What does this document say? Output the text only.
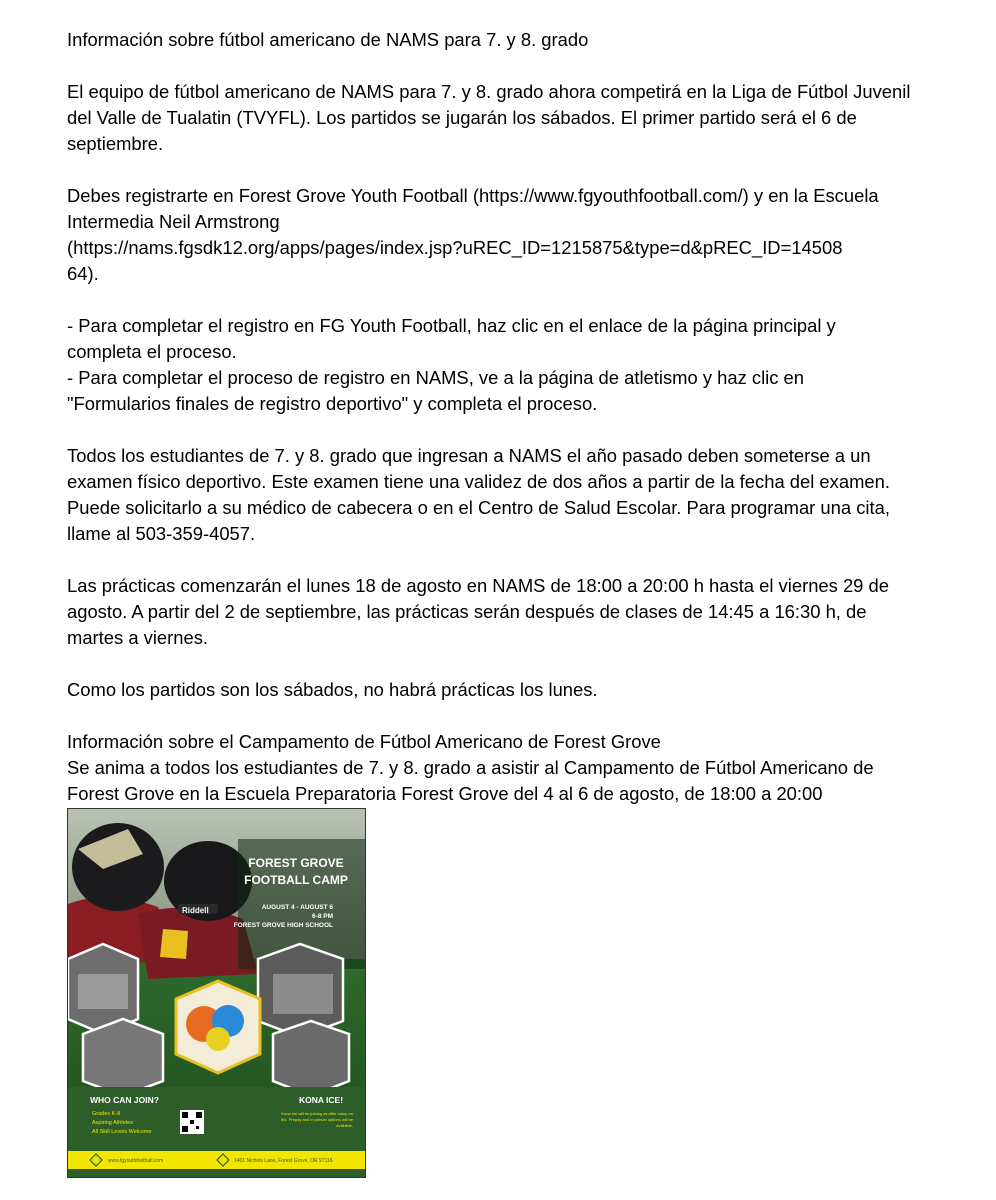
Información sobre fútbol americano de NAMS para 7. y 8. grado

El equipo de fútbol americano de NAMS para 7. y 8. grado ahora competirá en la Liga de Fútbol Juvenil del Valle de Tualatin (TVYFL). Los partidos se jugarán los sábados. El primer partido será el 6 de septiembre.

Debes registrarte en Forest Grove Youth Football (https://www.fgyouthfootball.com/) y en la Escuela Intermedia Neil Armstrong
(https://nams.fgsdk12.org/apps/pages/index.jsp?uREC_ID=1215875&type=d&pREC_ID=14508
64).

- Para completar el registro en FG Youth Football, haz clic en el enlace de la página principal y completa el proceso.

- Para completar el proceso de registro en NAMS, ve a la página de atletismo y haz clic en "Formularios finales de registro deportivo" y completa el proceso.

Todos los estudiantes de 7. y 8. grado que ingresan a NAMS el año pasado deben someterse a un examen físico deportivo. Este examen tiene una validez de dos años a partir de la fecha del examen. Puede solicitarlo a su médico de cabecera o en el Centro de Salud Escolar. Para programar una cita, llame al 503-359-4057.

Las prácticas comenzarán el lunes 18 de agosto en NAMS de 18:00 a 20:00 h hasta el viernes 29 de agosto. A partir del 2 de septiembre, las prácticas serán después de clases de 14:45 a 16:30 h, de martes a viernes.

Como los partidos son los sábados, no habrá prácticas los lunes.

Información sobre el Campamento de Fútbol Americano de Forest Grove

Se anima a todos los estudiantes de 7. y 8. grado a asistir al Campamento de Fútbol Americano de Forest Grove en la Escuela Preparatoria Forest Grove del 4 al 6 de agosto, de 18:00 a 20:00

Riddell
FOREST GROVE
FOOTBALL CAMP
AUGUST 4 - AUGUST 6
6-8 PM
FOREST GROVE HIGH SCHOOL
WHO CAN JOIN?
Grades K-8
Aspiring Athletes
All Skill Levels Welcome
KONA ICE!
Kona Ice will be joining as after camp on
8/4. Prepay and in person options will be
available.
www.fgyouthfootball.com	1401 Nichols Lane, Forest Grove, OR 97116
